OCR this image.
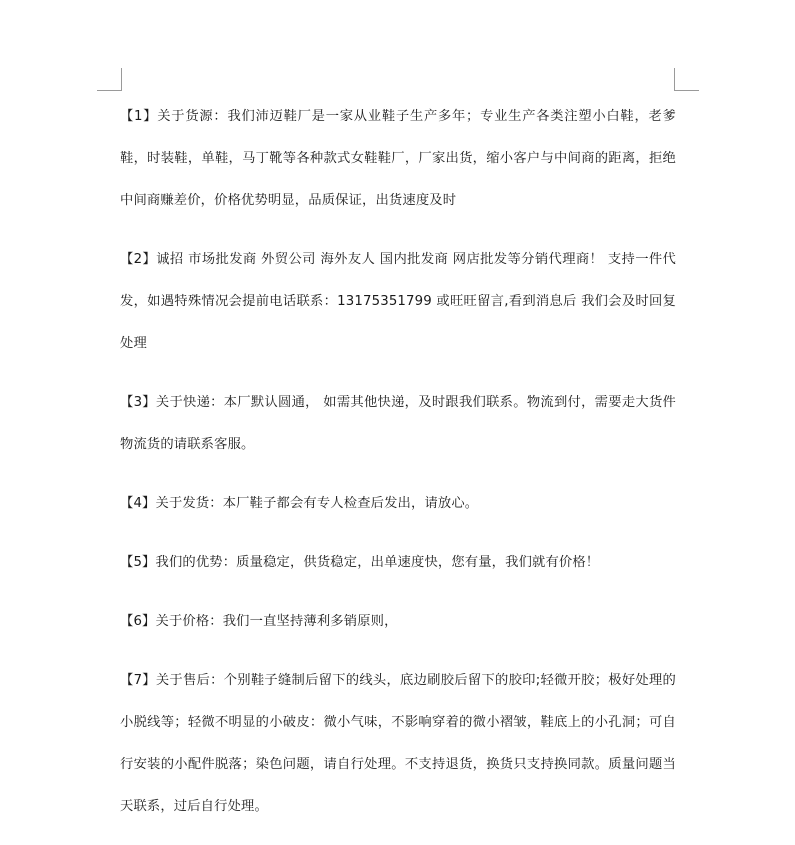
【1】关于货源：我们沛迈鞋厂是一家从业鞋子生产多年；专业生产各类注塑小白鞋，老爹鞋，时装鞋，单鞋，马丁靴等各种款式女鞋鞋厂，厂家出货，缩小客户与中间商的距离，拒绝中间商赚差价，价格优势明显，品质保证，出货速度及时

【2】诚招 市场批发商 外贸公司 海外友人 国内批发商 网店批发等分销代理商！ 支持一件代发，如遇特殊情况会提前电话联系：13175351799 或旺旺留言,看到消息后 我们会及时回复处理

【3】关于快递：本厂默认圆通， 如需其他快递，及时跟我们联系。物流到付，需要走大货件物流货的请联系客服。

【4】关于发货：本厂鞋子都会有专人检查后发出，请放心。

【5】我们的优势：质量稳定，供货稳定，出单速度快，您有量，我们就有价格！

【6】关于价格：我们一直坚持薄利多销原则，

【7】关于售后：个别鞋子缝制后留下的线头，底边刷胶后留下的胶印;轻微开胶；极好处理的小脱线等；轻微不明显的小破皮：微小气味，不影响穿着的微小褶皱，鞋底上的小孔洞；可自行安装的小配件脱落；染色问题，请自行处理。不支持退货，换货只支持换同款。质量问题当天联系，过后自行处理。
